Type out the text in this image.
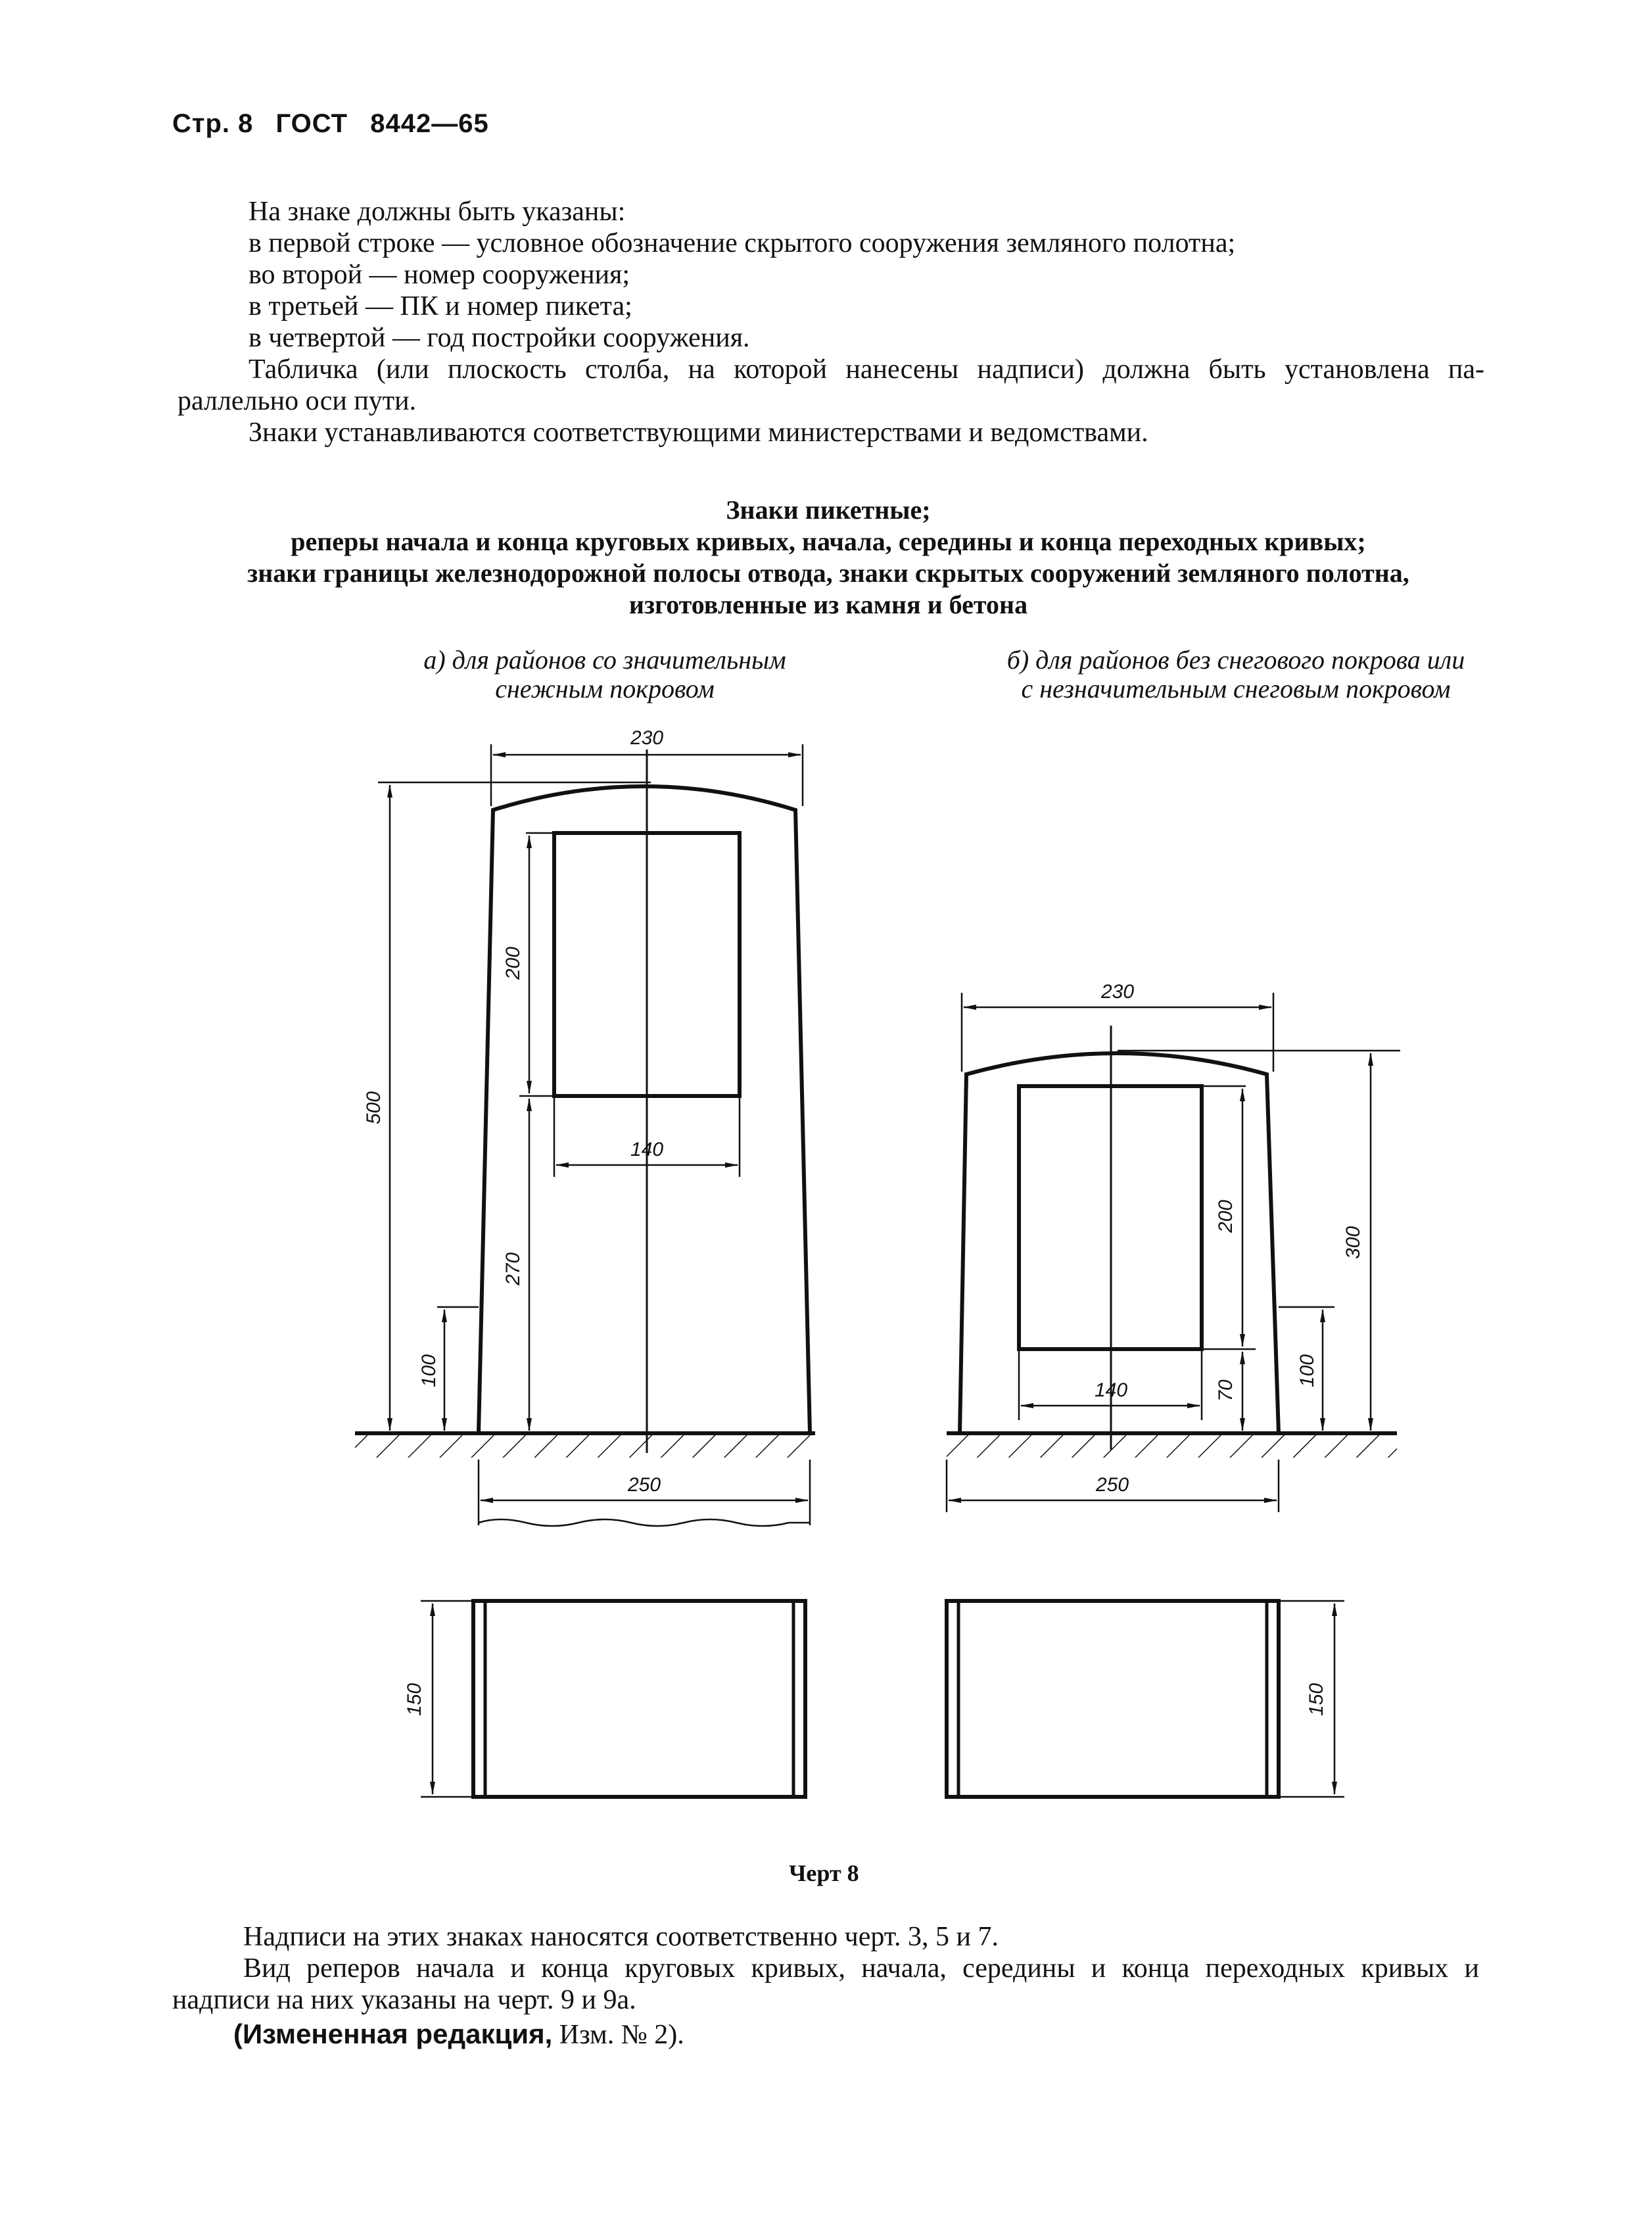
Стр. 8 ГОСТ 8442—65
На знаке должны быть указаны:
в первой строке — условное обозначение скрытого сооружения земляного полотна;
во второй — номер сооружения;
в третьей — ПК и номер пикета;
в четвертой — год постройки сооружения.
Табличка (или плоскость столба, на которой нанесены надписи) должна быть установлена па-
раллельно оси пути.
Знаки устанавливаются соответствующими министерствами и ведомствами.
Знаки пикетные;
реперы начала и конца круговых кривых, начала, середины и конца переходных кривых;
знаки границы железнодорожной полосы отвода, знаки скрытых сооружений земляного полотна,
изготовленные из камня и бетона
а) для районов со значительным
снежным покровом
б) для районов без снегового покрова или
с незначительным снеговым покровом
230
500
200
140
270
100
250
230
300
200
140	70
100
250
150	150
Черт 8
Надписи на этих знаках наносятся соответственно черт. 3, 5 и 7.
Вид реперов начала и конца круговых кривых, начала, середины и конца переходных кривых и
надписи на них указаны на черт. 9 и 9а.
(Измененная редакция, Изм. № 2).
